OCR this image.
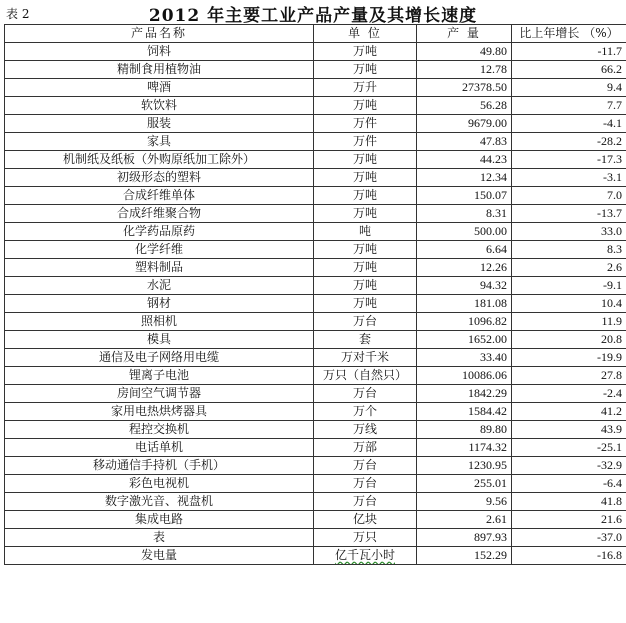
表 2	2012 年主要工业产品产量及其增长速度
产品名称	单 位	产 量	比上年增长 （%）
饲料	万吨	49.80	-11.7
精制食用植物油	万吨	12.78	66.2
啤酒	万升	27378.50	9.4
软饮料	万吨	56.28	7.7
服装	万件	9679.00	-4.1
家具	万件	47.83	-28.2
机制纸及纸板（外购原纸加工除外）	万吨	44.23	-17.3
初级形态的塑料	万吨	12.34	-3.1
合成纤维单体	万吨	150.07	7.0
合成纤维聚合物	万吨	8.31	-13.7
化学药品原药	吨	500.00	33.0
化学纤维	万吨	6.64	8.3
塑料制品	万吨	12.26	2.6
水泥	万吨	94.32	-9.1
钢材	万吨	181.08	10.4
照相机	万台	1096.82	11.9
模具	套	1652.00	20.8
通信及电子网络用电缆	万对千米	33.40	-19.9
锂离子电池	万只（自然只）	10086.06	27.8
房间空气调节器	万台	1842.29	-2.4
家用电热烘烤器具	万个	1584.42	41.2
程控交换机	万线	89.80	43.9
电话单机	万部	1174.32	-25.1
移动通信手持机（手机）	万台	1230.95	-32.9
彩色电视机	万台	255.01	-6.4
数字激光音、视盘机	万台	9.56	41.8
集成电路	亿块	2.61	21.6
表	万只	897.93	-37.0
发电量	亿千瓦小时	152.29	-16.8
